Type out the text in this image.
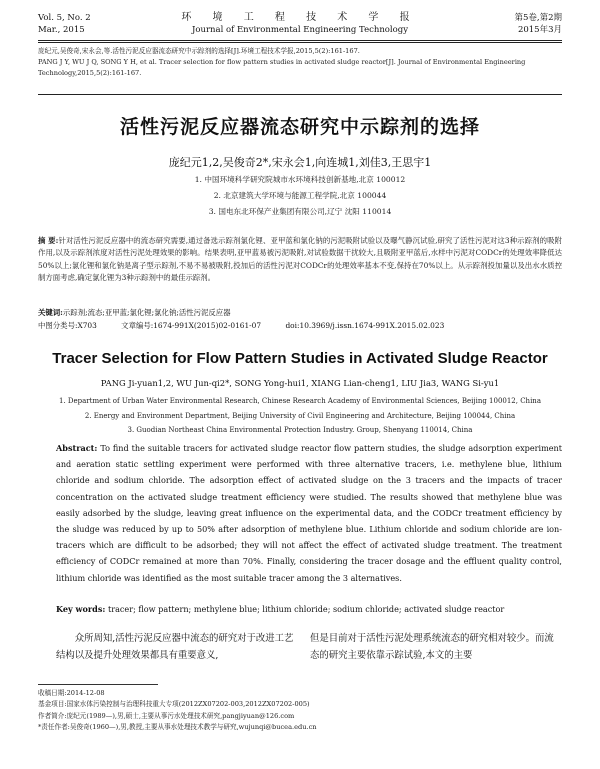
Vol. 5, No. 2
Mar., 2015
环 境 工 程 技 术 学 报
Journal of Environmental Engineering Technology
第5卷,第2期
2015年3月
庞纪元,吴俊奇,宋永会,等.活性污泥反应器流态研究中示踪剂的选择[J].环境工程技术学报,2015,5(2):161-167.
PANG J Y, WU J Q, SONG Y H, et al. Tracer selection for flow pattern studies in activated sludge reactor[J]. Journal of Environmental Engineering Technology,2015,5(2):161-167.
活性污泥反应器流态研究中示踪剂的选择
庞纪元1,2,吴俊奇2*,宋永会1,向连城1,刘佳3,王思宇1
1. 中国环境科学研究院城市水环境科技创新基地,北京 100012
2. 北京建筑大学环境与能源工程学院,北京 100044
3. 国电东北环保产业集团有限公司,辽宁 沈阳 110014
摘 要:针对活性污泥反应器中的流态研究需要,通过备选示踪剂氯化锂、亚甲蓝和氯化钠的污泥吸附试验以及曝气静沉试验,研究了活性污泥对这3种示踪剂的吸附作用,以及示踪剂浓度对活性污泥处理效果的影响。结果表明,亚甲蓝易被污泥吸附,对试验数据干扰较大,且吸附亚甲蓝后,水样中污泥对CODCr的处理效率降低达50%以上;氯化锂和氯化钠是离子型示踪剂,不易不易被吸附,投加后的活性污泥对CODCr的处理效率基本不变,保持在70%以上。从示踪剂投加量以及出水水质控制方面考虑,确定氯化锂为3种示踪剂中的最佳示踪剂。
关键词:示踪剂;流态;亚甲蓝;氯化锂;氯化钠;活性污泥反应器
中图分类号:X703	文章编号:1674-991X(2015)02-0161-07	doi:10.3969/j.issn.1674-991X.2015.02.023
Tracer Selection for Flow Pattern Studies in Activated Sludge Reactor
PANG Ji-yuan1,2, WU Jun-qi2*, SONG Yong-hui1, XIANG Lian-cheng1, LIU Jia3, WANG Si-yu1
1. Department of Urban Water Environmental Research, Chinese Research Academy of Environmental Sciences, Beijing 100012, China
2. Energy and Environment Department, Beijing University of Civil Engineering and Architecture, Beijing 100044, China
3. Guodian Northeast China Environmental Protection Industry. Group, Shenyang 110014, China
Abstract: To find the suitable tracers for activated sludge reactor flow pattern studies, the sludge adsorption experiment and aeration static settling experiment were performed with three alternative tracers, i.e. methylene blue, lithium chloride and sodium chloride. The adsorption effect of activated sludge on the 3 tracers and the impacts of tracer concentration on the activated sludge treatment efficiency were studied. The results showed that methylene blue was easily adsorbed by the sludge, leaving great influence on the experimental data, and the CODCr treatment efficiency by the sludge was reduced by up to 50% after adsorption of methylene blue. Lithium chloride and sodium chloride are ion-tracers which are difficult to be adsorbed; they will not affect the effect of activated sludge treatment. The treatment efficiency of CODCr remained at more than 70%. Finally, considering the tracer dosage and the effluent quality control, lithium chloride was identified as the most suitable tracer among the 3 alternatives.
Key words: tracer; flow pattern; methylene blue; lithium chloride; sodium chloride; activated sludge reactor
众所周知,活性污泥反应器中流态的研究对于改进工艺结构以及提升处理效果都具有重要意义,
但是目前对于活性污泥处理系统流态的研究相对较少。而流态的研究主要依靠示踪试验,本文的主要
收稿日期:2014-12-08
基金项目:国家水体污染控制与治理科技重大专项(2012ZX07202-003,2012ZX07202-005)
作者简介:庞纪元(1989—),男,硕士,主要从事污水处理技术研究,pangjiyuan@126.com
*责任作者:吴俊奇(1960—),男,教授,主要从事水处理技术教学与研究,wujunqi@bucea.edu.cn
